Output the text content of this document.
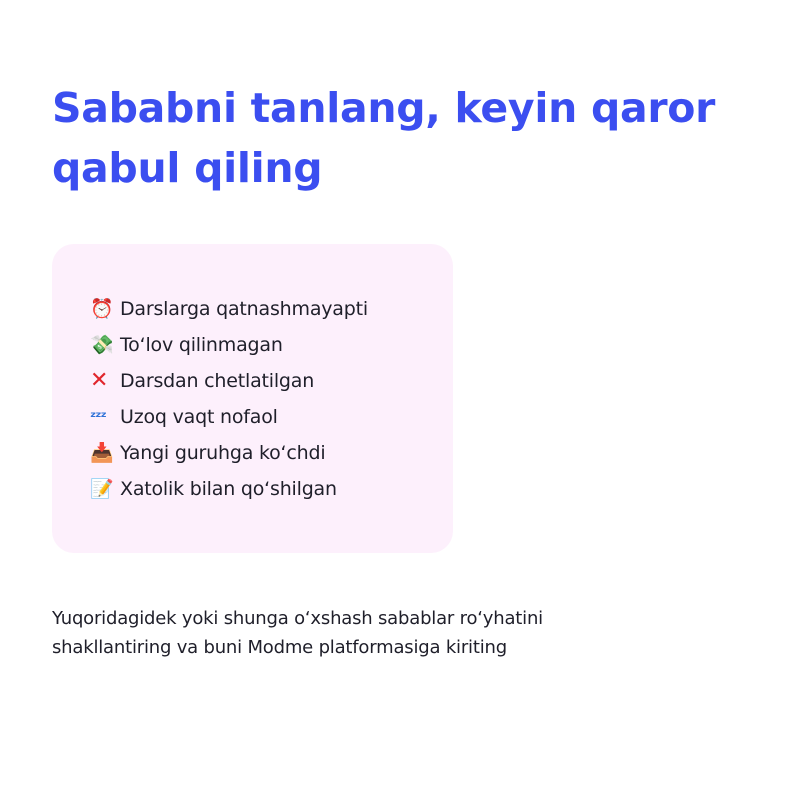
Sababni tanlang, keyin qaror
qabul qiling
⏰ Darslarga qatnashmayapti
💸 To‘lov qilinmagan
✕ Darsdan chetlatilgan
ᶻᶻᶻ Uzoq vaqt nofaol
📥 Yangi guruhga ko‘chdi
📝 Xatolik bilan qo‘shilgan

Yuqoridagidek yoki shunga o‘xshash sabablar ro‘yhatini
shakllantiring va buni Modme platformasiga kiriting
